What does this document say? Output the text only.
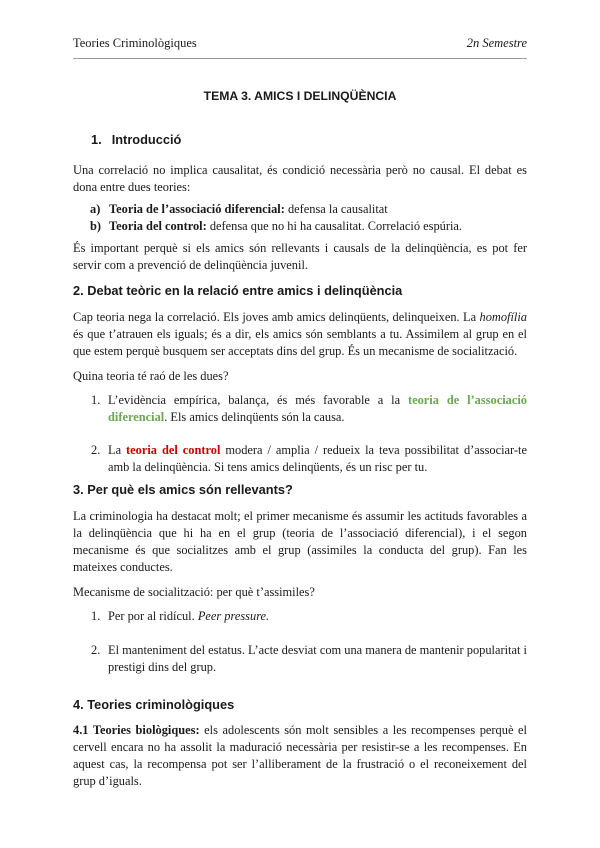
Teories Criminològiques	2n Semestre
TEMA 3. AMICS I DELINQÜÈNCIA
1. Introducció

Una correlació no implica causalitat, és condició necessària però no causal. El debat es dona entre dues teories:

a) Teoria de l’associació diferencial: defensa la causalitat
b) Teoria del control: defensa que no hi ha causalitat. Correlació espúria.

És important perquè si els amics són rellevants i causals de la delinqüència, es pot fer servir com a prevenció de delinqüència juvenil.

2. Debat teòric en la relació entre amics i delinqüència

Cap teoria nega la correlació. Els joves amb amics delinqüents, delinqueixen. La homofília és que t’atrauen els iguals; és a dir, els amics són semblants a tu. Assimilem al grup en el que estem perquè busquem ser acceptats dins del grup. És un mecanisme de socialització.

Quina teoria té raó de les dues?

1. L’evidència empírica, balança, és més favorable a la teoria de l’associació diferencial. Els amics delinqüents són la causa.
2. La teoria del control modera / amplia / redueix la teva possibilitat d’associar-te amb la delinqüència. Si tens amics delinqüents, és un risc per tu.
3. Per què els amics són rellevants?

La criminologia ha destacat molt; el primer mecanisme és assumir les actituds favorables a la delinqüència que hi ha en el grup (teoria de l’associació diferencial), i el segon mecanisme és que socialitzes amb el grup (assimiles la conducta del grup). Fan les mateixes conductes.

Mecanisme de socialització: per què t’assimiles?

1. Per por al ridícul. Peer pressure.
2. El manteniment del estatus. L’acte desviat com una manera de mantenir popularitat i prestigi dins del grup.
4. Teories criminològiques

4.1 Teories biològiques: els adolescents són molt sensibles a les recompenses perquè el cervell encara no ha assolit la maduració necessària per resistir-se a les recompenses. En aquest cas, la recompensa pot ser l’alliberament de la frustració o el reconeixement del grup d’iguals.
